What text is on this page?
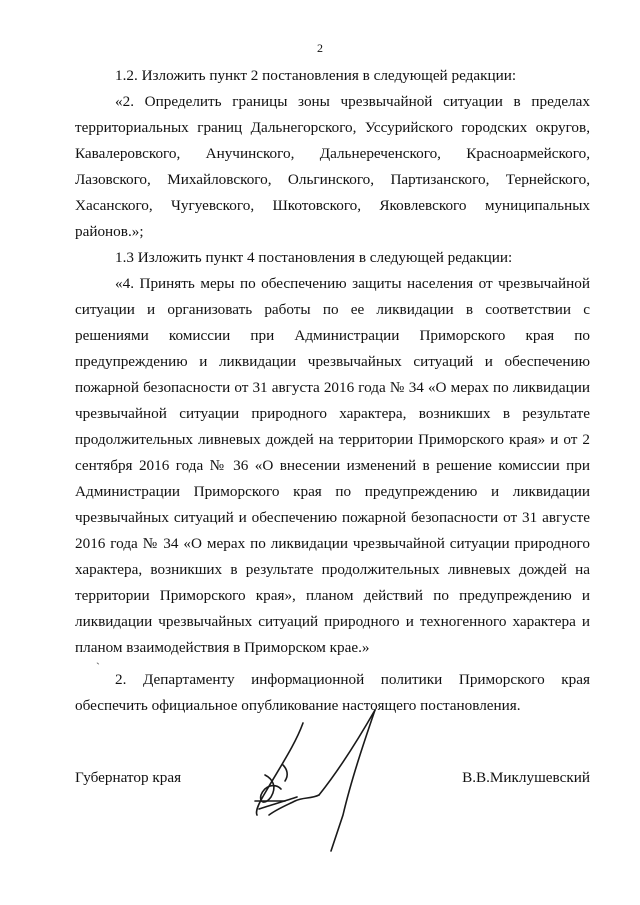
2

1.2. Изложить пункт 2 постановления в следующей редакции:

«2. Определить границы зоны чрезвычайной ситуации в пределах территориальных границ Дальнегорского, Уссурийского городских округов, Кавалеровского, Анучинского, Дальнереченского, Красноармейского, Лазовского, Михайловского, Ольгинского, Партизанского, Тернейского, Хасанского, Чугуевского, Шкотовского, Яковлевского муниципальных районов.»;

1.3 Изложить пункт 4 постановления в следующей редакции:

«4. Принять меры по обеспечению защиты населения от чрезвычайной ситуации и организовать работы по ее ликвидации в соответствии с решениями комиссии при Администрации Приморского края по предупреждению и ликвидации чрезвычайных ситуаций и обеспечению пожарной безопасности от 31 августа 2016 года № 34 «О мерах по ликвидации чрезвычайной ситуации природного характера, возникших в результате продолжительных ливневых дождей на территории Приморского края» и от 2 сентября 2016 года № 36 «О внесении изменений в решение комиссии при Администрации Приморского края по предупреждению и ликвидации чрезвычайных ситуаций и обеспечению пожарной безопасности от 31 августе 2016 года № 34 «О мерах по ликвидации чрезвычайной ситуации природного характера, возникших в результате продолжительных ливневых дождей на территории Приморского края», планом действий по предупреждению и ликвидации чрезвычайных ситуаций природного и техногенного характера и планом взаимодействия в Приморском крае.»

2. Департаменту информационной политики Приморского края обеспечить официальное опубликование настоящего постановления.

ˋ
Губернатор края	В.В.Миклушевский
